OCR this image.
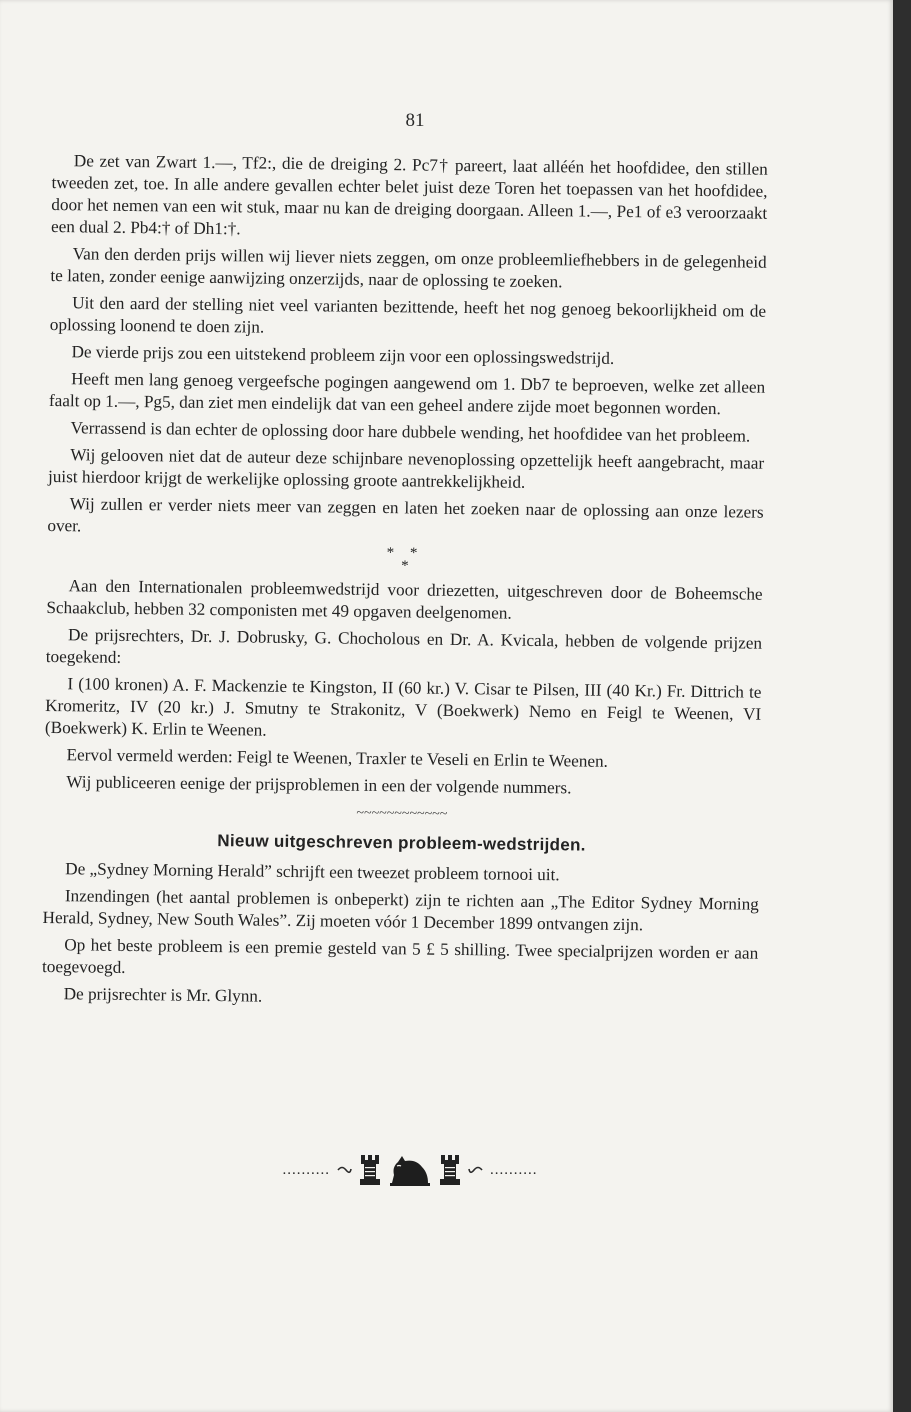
81

De zet van Zwart 1.—, Tf2:, die de dreiging 2. Pc7† pareert, laat alléén het hoofdidee, den stillen tweeden zet, toe. In alle andere gevallen echter belet juist deze Toren het toepassen van het hoofdidee, door het nemen van een wit stuk, maar nu kan de dreiging doorgaan. Alleen 1.—, Pe1 of e3 veroorzaakt een dual 2. Pb4:† of Dh1:†.

Van den derden prijs willen wij liever niets zeggen, om onze probleemliefhebbers in de gelegenheid te laten, zonder eenige aanwijzing onzerzijds, naar de oplossing te zoeken.

Uit den aard der stelling niet veel varianten bezittende, heeft het nog genoeg bekoorlijkheid om de oplossing loonend te doen zijn.

De vierde prijs zou een uitstekend probleem zijn voor een oplossingswedstrijd.

Heeft men lang genoeg vergeefsche pogingen aangewend om 1. Db7 te beproeven, welke zet alleen faalt op 1.—, Pg5, dan ziet men eindelijk dat van een geheel andere zijde moet begonnen worden.

Verrassend is dan echter de oplossing door hare dubbele wending, het hoofdidee van het probleem.

Wij gelooven niet dat de auteur deze schijnbare nevenoplossing opzettelijk heeft aangebracht, maar juist hierdoor krijgt de werkelijke oplossing groote aantrekkelijkheid.

Wij zullen er verder niets meer van zeggen en laten het zoeken naar de oplossing aan onze lezers over.

* *
*

Aan den Internationalen probleemwedstrijd voor driezetten, uitgeschreven door de Boheemsche Schaakclub, hebben 32 componisten met 49 opgaven deelgenomen.

De prijsrechters, Dr. J. Dobrusky, G. Chocholous en Dr. A. Kvicala, hebben de volgende prijzen toegekend:

I (100 kronen) A. F. Mackenzie te Kingston, II (60 kr.) V. Cisar te Pilsen, III (40 Kr.) Fr. Dittrich te Kromeritz, IV (20 kr.) J. Smutny te Strakonitz, V (Boekwerk) Nemo en Feigl te Weenen, VI (Boekwerk) K. Erlin te Weenen.

Eervol vermeld werden: Feigl te Weenen, Traxler te Veseli en Erlin te Weenen.

Wij publiceeren eenige der prijsproblemen in een der volgende nummers.

~~~~~~~~~~~~
Nieuw uitgeschreven probleem-wedstrijden.

De „Sydney Morning Herald” schrijft een tweezet probleem tornooi uit.

Inzendingen (het aantal problemen is onbeperkt) zijn te richten aan „The Editor Sydney Morning Herald, Sydney, New South Wales”. Zij moeten vóór 1 December 1899 ontvangen zijn.

Op het beste probleem is een premie gesteld van 5 £ 5 shilling. Twee specialprijzen worden er aan toegevoegd.

De prijsrechter is Mr. Glynn.

..........	..........
